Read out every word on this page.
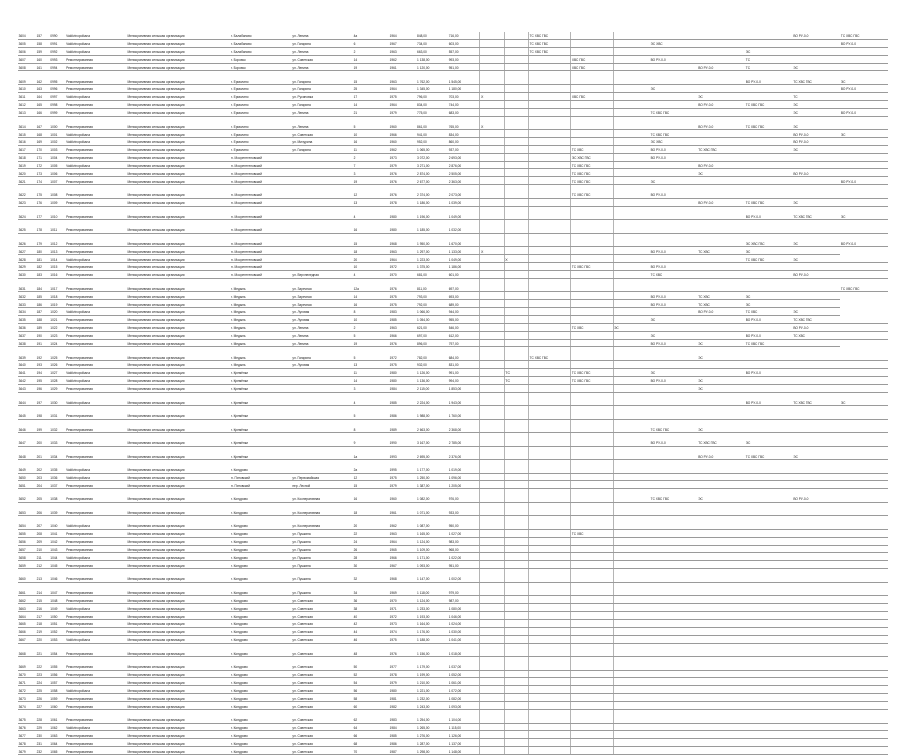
3604	157	0990	Valdivinopolkana	Мелиоративная сельская организация	г. Балабаново	ул. Ленина	4а	1964	848,00	716,00			ТС ХВС ГВС						ВО РУ-0-0	ТС ХВС ГВС
3605	158	0991	Valdivinopolkana	Мелиоративная сельская организация	г. Балабаново	ул. Гагарина	6	1967	734,00	603,00			ТС ХВС ГВС			ЭС ХВС				ВО РУ-0-0
3606	159	0992	Valdivinopolkana	Мелиоративная сельская организация	г. Балабаново	ул. Ленина	2	1963	663,00	557,00			ТС ХВС ГВС					ЭС		
3607	160	0993	Ремонтированная	Мелиоративная сельская организация	г. Боровск	ул. Советская	14	1962	1 138,00	993,00				ХВС ГВС		ВО РУ-0-0		ТС		
3608	161	0994	Ремонтированная	Мелиоративная сельская организация	г. Боровск	ул. Ленина	19	1961	1 120,00	951,00				ХВС ГВС			ВО РУ-0-0	ТС	ЭС	
3609	162	0995	Ремонтированная	Мелиоративная сельская организация	г. Ермолино	ул. Гагарина	15	1963	1 762,00	1 545,00								ВО РУ-0-0	ТС ХВС ГВС	ЭС
3610	163	0996	Ремонтированная	Мелиоративная сельская организация	г. Ермолино	ул. Гагарина	25	1964	1 345,00	1 180,00						ЭС				ВО РУ-0-0
3611	164	0997	Valdivinopolkana	Мелиоративная сельская организация	г. Ермолино	ул. Русиновка	17	1975	796,00	703,00	Х			ХВС ГВС			ЭС		ТС	
3612	165	0998	Ремонтированная	Мелиоративная сельская организация	г. Ермолино	ул. Гагарина	14	1964	834,00	744,00							ВО РУ-0-0	ТС ХВС ГВС	ЭС	
3613	166	0999	Ремонтированная	Мелиоративная сельская организация	г. Ермолино	ул. Ленина	21	1979	775,00	683,00						ТС ХВС ГВС			ЭС	ВО РУ-0-0
3614	167	1000	Ремонтированная	Мелиоративная сельская организация	г. Ермолино	ул. Ленина	5	1960	861,00	765,00	Х						ВО РУ-0-0	ТС ХВС ГВС	ЭС	
3615	168	1001	Valdivinopolkana	Мелиоративная сельская организация	г. Ермолино	ул. Советская	10	1966	941,00	834,00						ТС ХВС ГВС			ВО РУ-0-0	ЭС
3616	169	1002	Valdivinopolkana	Мелиоративная сельская организация	г. Ермолино	ул. Мичурина	16	1960	952,00	860,00						ЭС ХВС			ВО РУ-0-0	
3617	170	1003	Ремонтированная	Мелиоративная сельская организация	г. Ермолино	ул. Гагарина	11	1962	1 065,00	937,00				ТС ХВС		ВО РУ-0-0	ТС ХВС ГВС		ЭС	
3618	171	1004	Ремонтированная	Мелиоративная сельская организация	п. Мосрентгеновский		2	1973	3 072,00	2 693,00				ЭС ХВС ГВС		ВО РУ-0-0				
3619	172	1005	Valdivinopolkana	Мелиоративная сельская организация	п. Мосрентгеновский		7	1979	3 271,00	2 876,00				ТС ХВС ГВС			ВО РУ-0-0			
3620	173	1006	Ремонтированная	Мелиоративная сельская организация	п. Мосрентгеновский		3	1976	2 874,00	2 505,00				ТС ХВС ГВС			ЭС		ВО РУ-0-0	
3621	174	1007	Ремонтированная	Мелиоративная сельская организация	п. Мосрентгеновский		19	1976	2 677,00	2 363,00				ТС ХВС ГВС		ЭС				ВО РУ-0-0
3622	175	1008	Ремонтированная	Мелиоративная сельская организация	п. Мосрентгеновский		12	1976	2 374,00	2 073,00				ТС ХВС ГВС		ВО РУ-0-0				
3623	176	1009	Ремонтированная	Мелиоративная сельская организация	п. Мосрентгеновский		13	1978	1 186,00	1 039,00							ВО РУ-0-0	ТС ХВС ГВС	ЭС	
3624	177	1010	Ремонтированная	Мелиоративная сельская организация	п. Мосрентгеновский		4	1980	1 196,00	1 049,00								ВО РУ-0-0	ТС ХВС ГВС	ЭС
3625	178	1011	Ремонтированная	Мелиоративная сельская организация	п. Мосрентгеновский		16	1980	1 185,00	1 032,00										
3626	179	1012	Ремонтированная	Мелиоративная сельская организация	п. Мосрентгеновский		15	1968	1 950,00	1 670,00								ЭС ХВС ГВС	ЭС	ВО РУ-0-0
3627	180	1013	Ремонтированная	Мелиоративная сельская организация	п. Мосрентгеновский		18	1963	1 297,00	1 133,00	Х					ВО РУ-0-0	ТС ХВС	ЭС		
3628	181	1014	Valdivinopolkana	Мелиоративная сельская организация	п. Мосрентгеновский		20	1964	1 223,00	1 049,00		Х						ТС ХВС ГВС	ЭС	
3629	182	1015	Ремонтированная	Мелиоративная сельская организация	п. Мосрентгеновский		10	1972	1 375,00	1 186,00				ТС ХВС ГВС		ВО РУ-0-0				
3630	183	1016	Ремонтированная	Мелиоративная сельская организация	п. Мосрентгеновский	ул. Верхнеледная	4	1970	681,00	601,00						ТС ХВС			ВО РУ-0-0	
3631	184	1017	Ремонтированная	Мелиоративная сельская организация	г. Медынь	ул. Заречная	12а	1976	811,00	697,00										ТС ХВС ГВС
3632	185	1018	Ремонтированная	Мелиоративная сельская организация	г. Медынь	ул. Заречная	14	1975	793,00	693,00						ВО РУ-0-0	ТС ХВС	ЭС		
3633	186	1019	Ремонтированная	Мелиоративная сельская организация	г. Медынь	ул. Заречная	16	1975	792,00	689,00						ВО РУ-0-0	ТС ХВС	ЭС		
3634	187	1020	Valdivinopolkana	Мелиоративная сельская организация	г. Медынь	ул. Луговая	8	1983	1 066,00	944,00							ВО РУ-0-0	ТС ХВС	ЭС	
3635	188	1021	Ремонтированная	Мелиоративная сельская организация	г. Медынь	ул. Луговая	10	1985	1 054,00	955,00						ЭС		ВО РУ-0-0	ТС ХВС ГВС	
3636	189	1022	Ремонтированная	Мелиоративная сельская организация	г. Медынь	ул. Ленина	2	1963	621,00	546,00				ТС ХВС	ЭС				ВО РУ-0-0	
3637	190	1023	Ремонтированная	Мелиоративная сельская организация	г. Медынь	ул. Ленина	5	1966	697,00	612,00						ЭС		ВО РУ-0-0	ТС ХВС	
3638	191	1024	Ремонтированная	Мелиоративная сельская организация	г. Медынь	ул. Ленина	19	1976	896,00	797,00						ВО РУ-0-0	ЭС	ТС ХВС ГВС		
3639	192	1025	Ремонтированная	Мелиоративная сельская организация	г. Медынь	ул. Гагарина	5	1972	782,00	684,00			ТС ХВС ГВС				ЭС			
3640	193	1026	Ремонтированная	Мелиоративная сельская организация	г. Медынь	ул. Луговая	13	1975	932,00	831,00										
3641	194	1027	Valdivinopolkana	Мелиоративная сельская организация	г. Кремёнки		11	1980	1 126,00	991,00		ТС		ТС ХВС ГВС		ЭС		ВО РУ-0-0		
3642	195	1028	Valdivinopolkana	Мелиоративная сельская организация	г. Кремёнки		14	1980	1 136,00	994,00		ТС		ТС ХВС ГВС		ВО РУ-0-0	ЭС			
3643	196	1029	Ремонтированная	Мелиоративная сельская организация	г. Кремёнки		3	1984	2 115,00	1 853,00							ЭС			
3644	197	1030	Valdivinopolkana	Мелиоративная сельская организация	г. Кремёнки		4	1985	2 224,00	1 943,00								ВО РУ-0-0	ТС ХВС ГВС	ЭС
3645	198	1031	Ремонтированная	Мелиоративная сельская организация	г. Кремёнки		5	1986	1 988,00	1 760,00										
3646	199	1032	Ремонтированная	Мелиоративная сельская организация	г. Кремёнки		8	1989	2 663,00	2 368,00						ТС ХВС ГВС	ЭС			
3647	200	1033	Ремонтированная	Мелиоративная сельская организация	г. Кремёнки		9	1990	3 167,00	2 785,00						ВО РУ-0-0	ТС ХВС ГВС	ЭС		
3648	201	1034	Ремонтированная	Мелиоративная сельская организация	г. Кремёнки		1а	1993	2 695,00	2 376,00							ВО РУ-0-0	ТС ХВС ГВС	ЭС	
3649	202	1035	Valdivinopolkana	Мелиоративная сельская организация	г. Кондрово		2а	1995	1 177,00	1 019,00										
3650	203	1036	Valdivinopolkana	Мелиоративная сельская организация	п. Пятовский	ул. Первомайская	12	1975	1 250,00	1 096,00										
3651	204	1037	Ремонтированная	Мелиоративная сельская организация	п. Пятовский	пер. Лесной	15	1979	1 387,00	1 205,00										
3652	205	1038	Ремонтированная	Мелиоративная сельская организация	г. Кондрово	ул. Кооперативная	16	1960	1 082,00	976,00						ТС ХВС ГВС	ЭС		ВО РУ-0-0	
3653	206	1039	Ремонтированная	Мелиоративная сельская организация	г. Кондрово	ул. Кооперативная	18	1961	1 071,00	933,00										
3654	207	1040	Valdivinopolkana	Мелиоративная сельская организация	г. Кондрово	ул. Кооперативная	20	1962	1 087,00	950,00										
3655	208	1041	Ремонтированная	Мелиоративная сельская организация	г. Кондрово	ул. Пушкина	22	1963	1 165,00	1 027,00				ТС ХВС						
3656	209	1042	Ремонтированная	Мелиоративная сельская организация	г. Кондрово	ул. Пушкина	24	1964	1 124,00	983,00										
3657	210	1043	Ремонтированная	Мелиоративная сельская организация	г. Кондрово	ул. Пушкина	26	1965	1 109,00	968,00										
3658	211	1044	Valdivinopolkana	Мелиоративная сельская организация	г. Кондрово	ул. Пушкина	28	1966	1 171,00	1 022,00										
3659	212	1045	Ремонтированная	Мелиоративная сельская организация	г. Кондрово	ул. Пушкина	30	1967	1 093,00	951,00										
3660	213	1046	Ремонтированная	Мелиоративная сельская организация	г. Кондрово	ул. Пушкина	32	1968	1 147,00	1 002,00										
3661	214	1047	Ремонтированная	Мелиоративная сельская организация	г. Кондрово	ул. Пушкина	34	1969	1 118,00	979,00										
3662	215	1048	Ремонтированная	Мелиоративная сельская организация	г. Кондрово	ул. Советская	36	1970	1 124,00	987,00										
3663	216	1049	Valdivinopolkana	Мелиоративная сельская организация	г. Кондрово	ул. Советская	38	1971	1 233,00	1 080,00										
3664	217	1050	Ремонтированная	Мелиоративная сельская организация	г. Кондрово	ул. Советская	40	1972	1 193,00	1 046,00										
3665	218	1051	Ремонтированная	Мелиоративная сельская организация	г. Кондрово	ул. Советская	42	1973	1 164,00	1 024,00										
3666	219	1052	Ремонтированная	Мелиоративная сельская организация	г. Кондрово	ул. Советская	44	1974	1 176,00	1 030,00										
3667	220	1053	Valdivinopolkana	Мелиоративная сельская организация	г. Кондрово	ул. Советская	46	1975	1 188,00	1 041,00										
3668	221	1054	Ремонтированная	Мелиоративная сельская организация	г. Кондрово	ул. Советская	48	1976	1 156,00	1 018,00										
3669	222	1055	Ремонтированная	Мелиоративная сельская организация	г. Кондрово	ул. Советская	50	1977	1 179,00	1 037,00										
3670	223	1056	Ремонтированная	Мелиоративная сельская организация	г. Кондрово	ул. Советская	52	1978	1 199,00	1 052,00										
3671	224	1057	Ремонтированная	Мелиоративная сельская организация	г. Кондрово	ул. Советская	54	1979	1 210,00	1 061,00										
3672	225	1058	Valdivinopolkana	Мелиоративная сельская организация	г. Кондрово	ул. Советская	56	1980	1 221,00	1 072,00										
3673	226	1059	Ремонтированная	Мелиоративная сельская организация	г. Кондрово	ул. Советская	58	1981	1 232,00	1 082,00										
3674	227	1060	Ремонтированная	Мелиоративная сельская организация	г. Кондрово	ул. Советская	60	1982	1 243,00	1 093,00										
3675	228	1061	Ремонтированная	Мелиоративная сельская организация	г. Кондрово	ул. Советская	62	1983	1 254,00	1 104,00										
3676	229	1062	Valdivinopolkana	Мелиоративная сельская организация	г. Кондрово	ул. Советская	64	1984	1 265,00	1 115,00										
3677	230	1063	Ремонтированная	Мелиоративная сельская организация	г. Кондрово	ул. Советская	66	1985	1 276,00	1 126,00										
3678	231	1064	Ремонтированная	Мелиоративная сельская организация	г. Кондрово	ул. Советская	68	1986	1 287,00	1 137,00										
3679	232	1065	Ремонтированная	Мелиоративная сельская организация	г. Кондрово	ул. Советская	70	1987	1 298,00	1 148,00										
